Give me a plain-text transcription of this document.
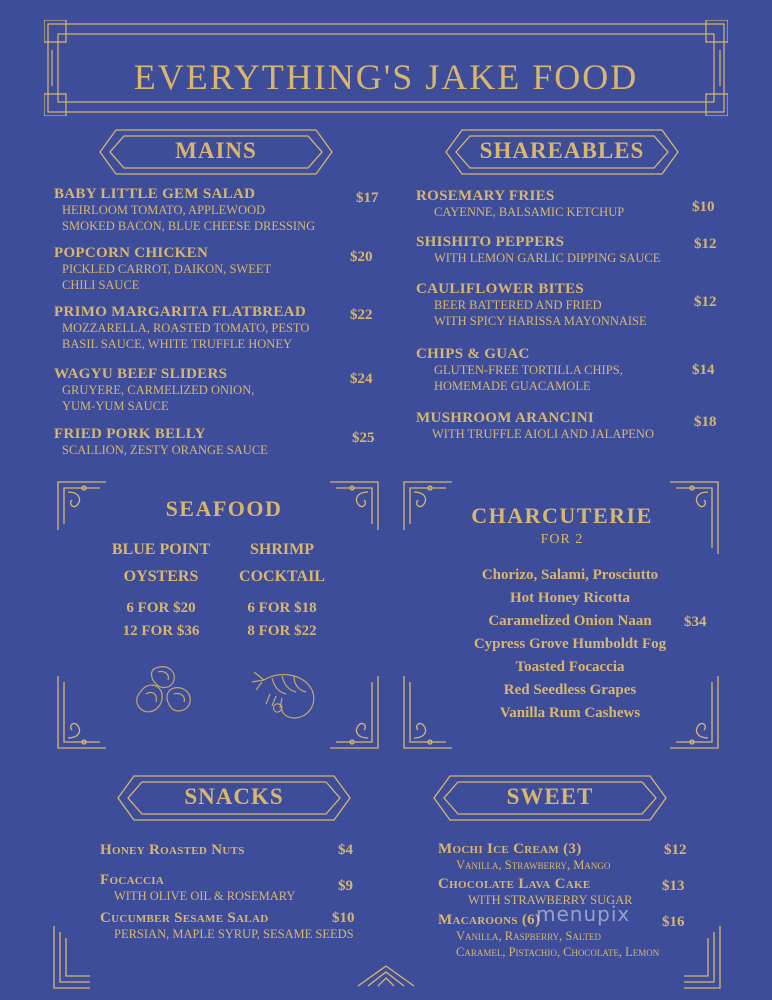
EVERYTHING'S JAKE FOOD
MAINS	SHAREABLES
BABY LITTLE GEM SALAD
HEIRLOOM TOMATO, APPLEWOOD
SMOKED BACON, BLUE CHEESE DRESSING
$17
POPCORN CHICKEN
PICKLED CARROT, DAIKON, SWEET
CHILI SAUCE
$20
PRIMO MARGARITA FLATBREAD
MOZZARELLA, ROASTED TOMATO, PESTO
BASIL SAUCE, WHITE TRUFFLE HONEY
$22
WAGYU BEEF SLIDERS
GRUYERE, CARMELIZED ONION,
YUM-YUM SAUCE
$24
FRIED PORK BELLY
SCALLION, ZESTY ORANGE SAUCE
$25
ROSEMARY FRIES
CAYENNE, BALSAMIC KETCHUP	$10
SHISHITO PEPPERS
WITH LEMON GARLIC DIPPING SAUCE
$12
CAULIFLOWER BITES
BEER BATTERED AND FRIED
WITH SPICY HARISSA MAYONNAISE
$12
CHIPS & GUAC
GLUTEN-FREE TORTILLA CHIPS,
HOMEMADE GUACAMOLE
$14
MUSHROOM ARANCINI
WITH TRUFFLE AIOLI AND JALAPENO
$18
SEAFOOD
BLUE POINT
OYSTERS
6 FOR $20
12 FOR $36
SHRIMP
COCKTAIL
6 FOR $18
8 FOR $22
CHARCUTERIE
FOR 2
Chorizo, Salami, Prosciutto
Hot Honey Ricotta
Caramelized Onion Naan
Cypress Grove Humboldt Fog
Toasted Focaccia
Red Seedless Grapes
Vanilla Rum Cashews
$34
SNACKS	SWEET
Honey Roasted Nuts	$4
Focaccia
WITH OLIVE OIL & ROSEMARY
$9
Cucumber Sesame Salad
PERSIAN, MAPLE SYRUP, SESAME SEEDS
$10
Mochi Ice Cream (3)
Vanilla, Strawberry, Mango
$12
Chocolate Lava Cake
WITH STRAWBERRY SUGAR
$13
Macaroons (6)
Vanilla, Raspberry, Salted
Caramel, Pistachio, Chocolate, Lemon
$16
menupix
